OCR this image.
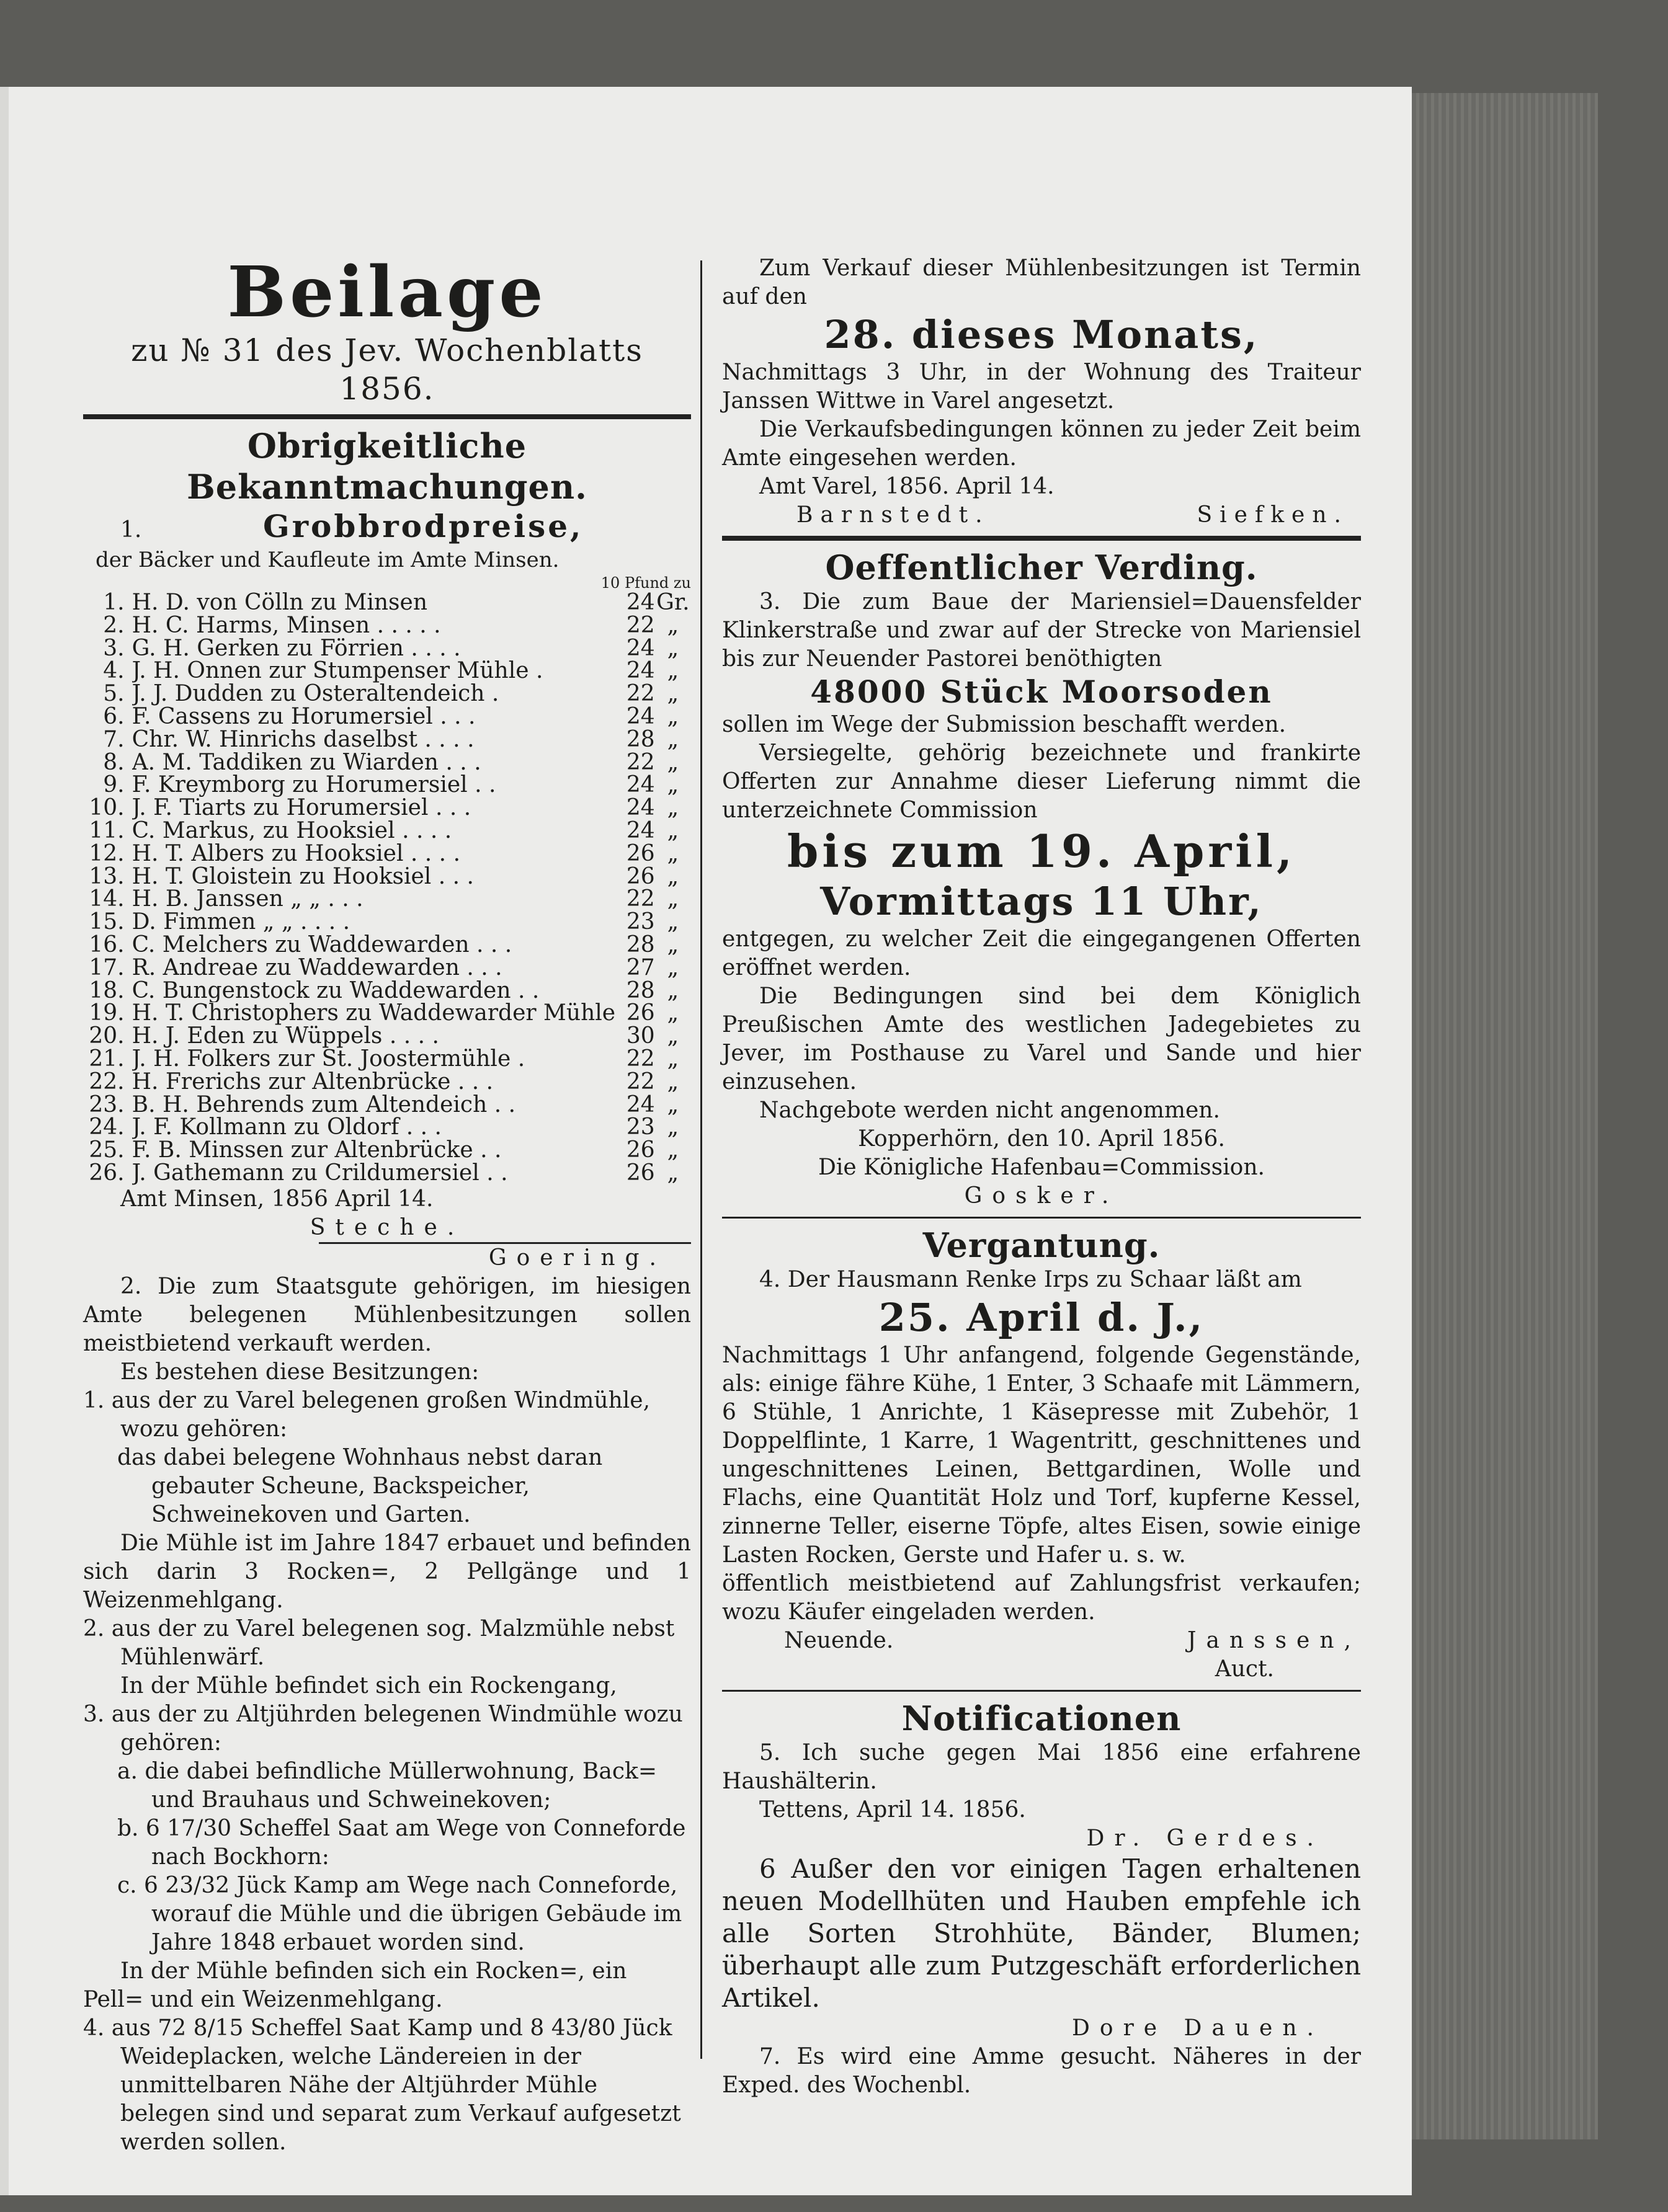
Beilage
zu № 31 des Jev. Wochenblatts 1856.
Obrigkeitliche Bekanntmachungen.
1.	Grobbrodpreise,
der Bäcker und Kaufleute im Amte Minsen.
10 Pfund zu
1.	H. D. von Cölln zu Minsen	24	Gr.
2.	H. C. Harms, Minsen . . . . .	22	„
3.	G. H. Gerken zu Förrien . . . .	24	„
4.	J. H. Onnen zur Stumpenser Mühle .	24	„
5.	J. J. Dudden zu Osteraltendeich .	22	„
6.	F. Cassens zu Horumersiel . . .	24	„
7.	Chr. W. Hinrichs daselbst . . . .	28	„
8.	A. M. Taddiken zu Wiarden . . .	22	„
9.	F. Kreymborg zu Horumersiel . .	24	„
10.	J. F. Tiarts zu Horumersiel . . .	24	„
11.	C. Markus, zu Hooksiel . . . .	24	„
12.	H. T. Albers zu Hooksiel . . . .	26	„
13.	H. T. Gloistein zu Hooksiel . . .	26	„
14.	H. B. Janssen „ „ . . .	22	„
15.	D. Fimmen „ „ . . . .	23	„
16.	C. Melchers zu Waddewarden . . .	28	„
17.	R. Andreae zu Waddewarden . . .	27	„
18.	C. Bungenstock zu Waddewarden . .	28	„
19.	H. T. Christophers zu Waddewarder Mühle	26	„
20.	H. J. Eden zu Wüppels . . . .	30	„
21.	J. H. Folkers zur St. Joostermühle .	22	„
22.	H. Frerichs zur Altenbrücke . . .	22	„
23.	B. H. Behrends zum Altendeich . .	24	„
24.	J. F. Kollmann zu Oldorf . . .	23	„
25.	F. B. Minssen zur Altenbrücke . .	26	„
26.	J. Gathemann zu Crildumersiel . .	26	„
Amt Minsen, 1856 April 14.
Steche.
Goering.
2. Die zum Staatsgute gehörigen, im hiesigen Amte belegenen Mühlenbesitzungen sollen meistbietend verkauft werden.
Es bestehen diese Besitzungen:
1. aus der zu Varel belegenen großen Windmühle, wozu gehören:
das dabei belegene Wohnhaus nebst daran gebauter Scheune, Backspeicher, Schweinekoven und Garten.
Die Mühle ist im Jahre 1847 erbauet und befinden sich darin 3 Rocken=, 2 Pellgänge und 1 Weizenmehlgang.
2. aus der zu Varel belegenen sog. Malzmühle nebst Mühlenwärf.
In der Mühle befindet sich ein Rockengang,
3. aus der zu Altjührden belegenen Windmühle wozu gehören:
a. die dabei befindliche Müllerwohnung, Back= und Brauhaus und Schweinekoven;
b. 6 17/30 Scheffel Saat am Wege von Conneforde nach Bockhorn:
c. 6 23/32 Jück Kamp am Wege nach Conneforde, worauf die Mühle und die übrigen Gebäude im Jahre 1848 erbauet worden sind.
In der Mühle befinden sich ein Rocken=, ein Pell= und ein Weizenmehlgang.
4. aus 72 8/15 Scheffel Saat Kamp und 8 43/80 Jück Weideplacken, welche Ländereien in der unmittelbaren Nähe der Altjührder Mühle belegen sind und separat zum Verkauf aufgesetzt werden sollen.
Zum Verkauf dieser Mühlenbesitzungen ist Termin auf den
28. dieses Monats,
Nachmittags 3 Uhr, in der Wohnung des Traiteur Janssen Wittwe in Varel angesetzt.
Die Verkaufsbedingungen können zu jeder Zeit beim Amte eingesehen werden.
Amt Varel, 1856. April 14.
Barnstedt.	Siefken.
Oeffentlicher Verding.
3. Die zum Baue der Mariensiel=Dauensfelder Klinkerstraße und zwar auf der Strecke von Mariensiel bis zur Neuender Pastorei benöthigten
48000 Stück Moorsoden
sollen im Wege der Submission beschafft werden.
Versiegelte, gehörig bezeichnete und frankirte Offerten zur Annahme dieser Lieferung nimmt die unterzeichnete Commission
bis zum 19. April,
Vormittags 11 Uhr,
entgegen, zu welcher Zeit die eingegangenen Offerten eröffnet werden.
Die Bedingungen sind bei dem Königlich Preußischen Amte des westlichen Jadegebietes zu Jever, im Posthause zu Varel und Sande und hier einzusehen.
Nachgebote werden nicht angenommen.
Kopperhörn, den 10. April 1856.
Die Königliche Hafenbau=Commission.
Gosker.
Vergantung.
4. Der Hausmann Renke Irps zu Schaar läßt am
25. April d. J.,
Nachmittags 1 Uhr anfangend, folgende Gegenstände, als: einige fähre Kühe, 1 Enter, 3 Schaafe mit Lämmern, 6 Stühle, 1 Anrichte, 1 Käsepresse mit Zubehör, 1 Doppelflinte, 1 Karre, 1 Wagentritt, geschnittenes und ungeschnittenes Leinen, Bettgardinen, Wolle und Flachs, eine Quantität Holz und Torf, kupferne Kessel, zinnerne Teller, eiserne Töpfe, altes Eisen, sowie einige Lasten Rocken, Gerste und Hafer u. s. w.
öffentlich meistbietend auf Zahlungsfrist verkaufen; wozu Käufer eingeladen werden.
Neuende.	Janssen,
Auct.
Notificationen
5. Ich suche gegen Mai 1856 eine erfahrene Haushälterin.
Tettens, April 14. 1856.
Dr. Gerdes.
6 Außer den vor einigen Tagen erhaltenen neuen Modellhüten und Hauben empfehle ich alle Sorten Strohhüte, Bänder, Blumen; überhaupt alle zum Putzgeschäft erforderlichen Artikel.
Dore Dauen.
7. Es wird eine Amme gesucht. Näheres in der Exped. des Wochenbl.
